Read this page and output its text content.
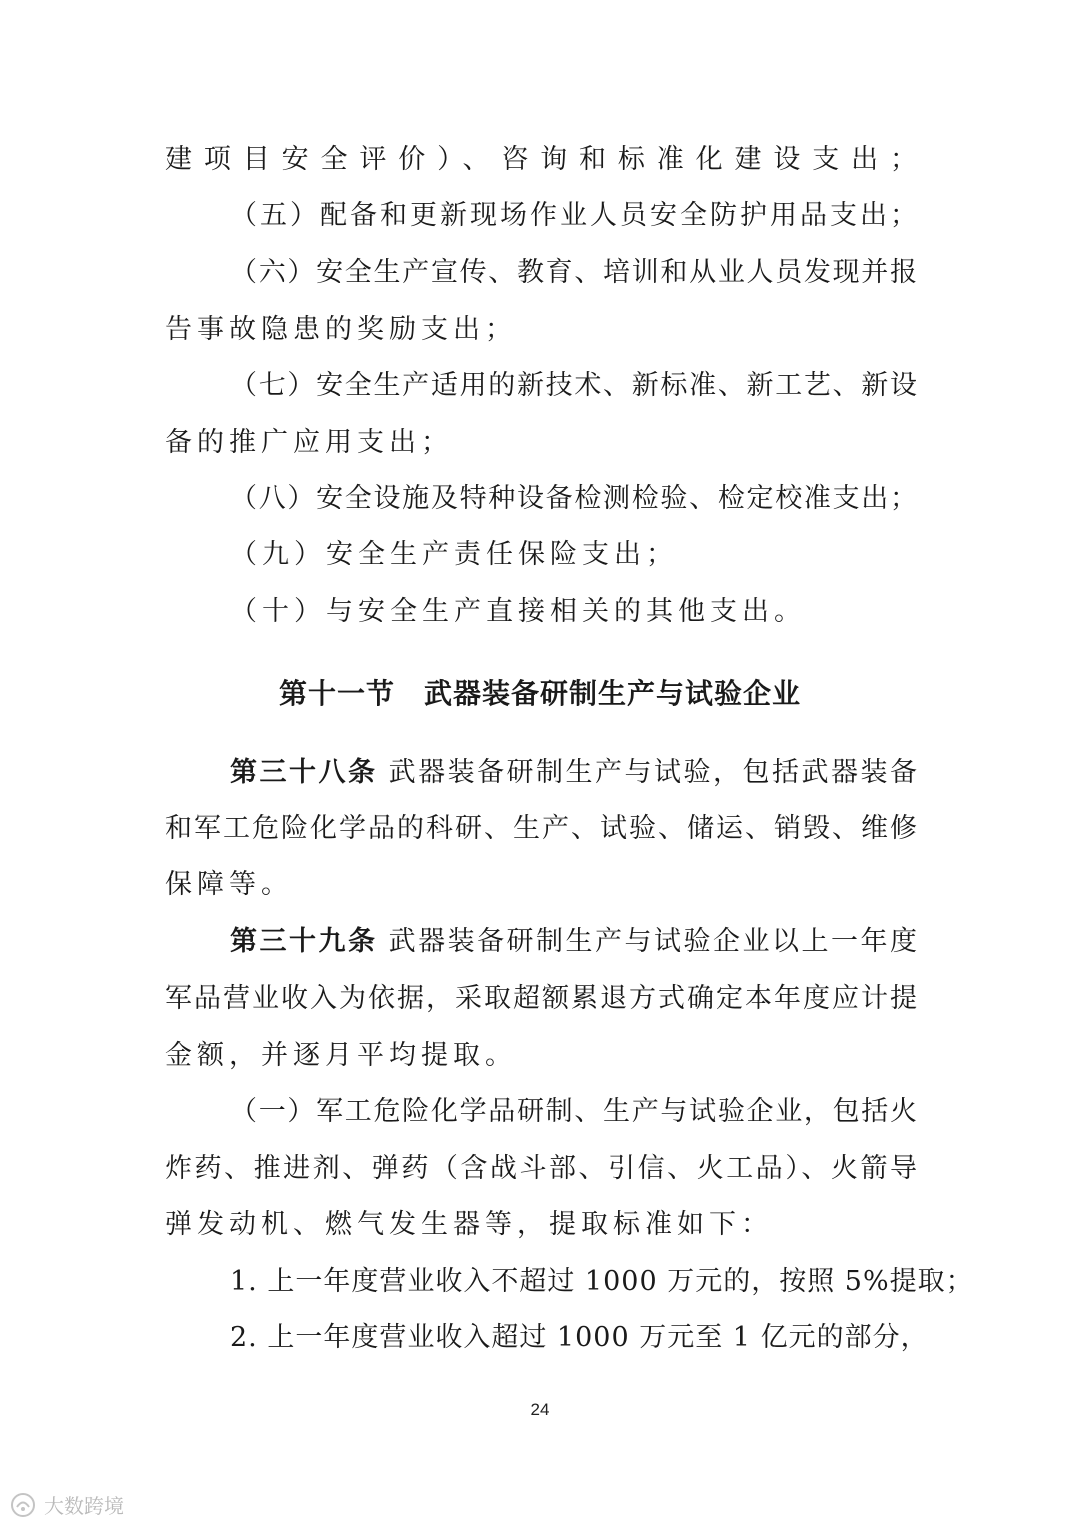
建项目安全评价）、咨询和标准化建设支出；
（五）配备和更新现场作业人员安全防护用品支出；
（六）安全生产宣传、教育、培训和从业人员发现并报
告事故隐患的奖励支出；
（七）安全生产适用的新技术、新标准、新工艺、新设
备的推广应用支出；
（八）安全设施及特种设备检测检验、检定校准支出；
（九）安全生产责任保险支出；
（十）与安全生产直接相关的其他支出。
第十一节　武器装备研制生产与试验企业
第三十八条 武器装备研制生产与试验，包括武器装备
和军工危险化学品的科研、生产、试验、储运、销毁、维修
保障等。
第三十九条 武器装备研制生产与试验企业以上一年度
军品营业收入为依据，采取超额累退方式确定本年度应计提
金额，并逐月平均提取。
（一）军工危险化学品研制、生产与试验企业，包括火
炸药、推进剂、弹药（含战斗部、引信、火工品）、火箭导
弹发动机、燃气发生器等，提取标准如下：
1. 上一年度营业收入不超过 1000 万元的，按照 5%提取；
2. 上一年度营业收入超过 1000 万元至 1 亿元的部分，
24
大数跨境
